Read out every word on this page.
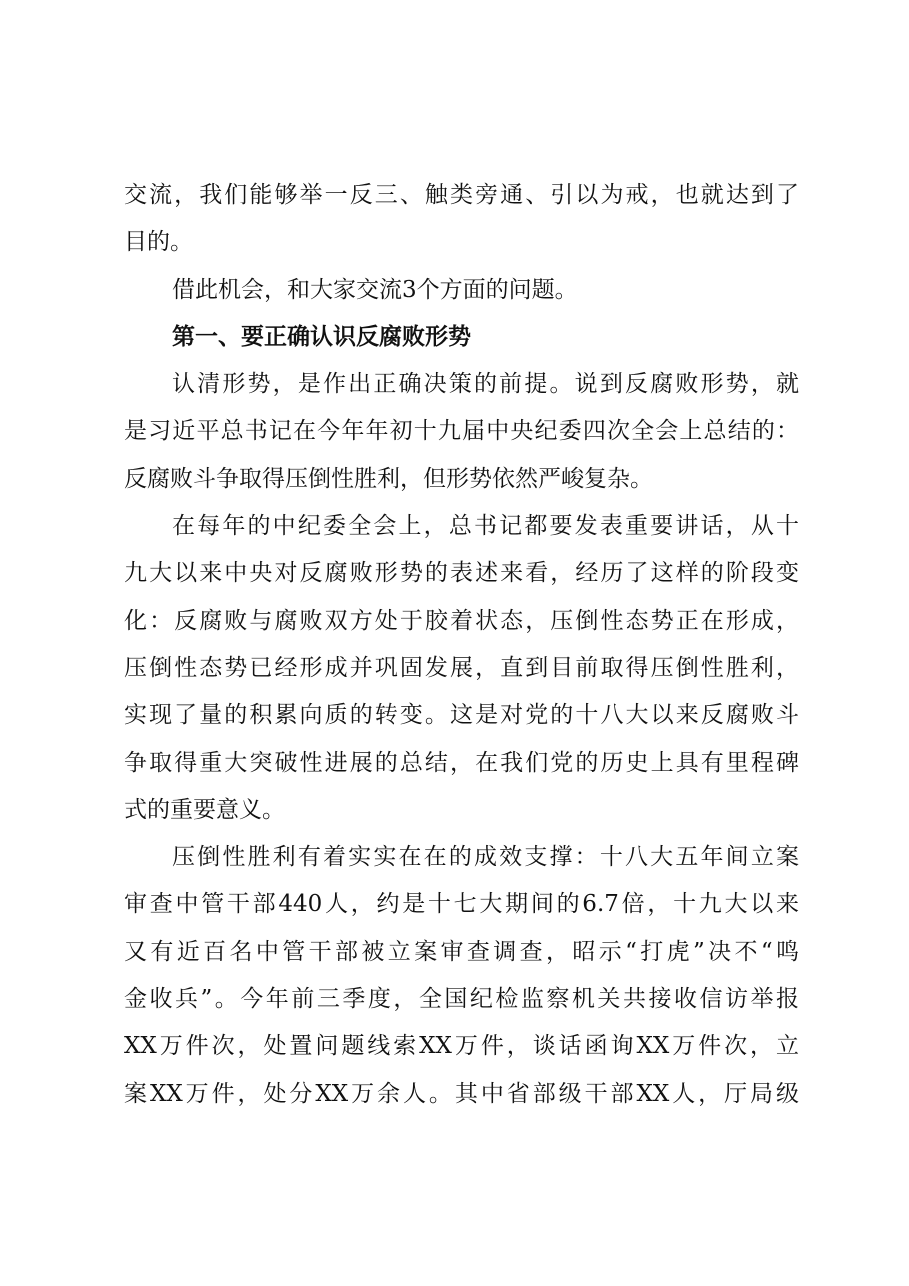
交流，我们能够举一反三、触类旁通、引以为戒，也就达到了
目的。
借此机会，和大家交流3个方面的问题。
第一、要正确认识反腐败形势
认清形势，是作出正确决策的前提。说到反腐败形势，就
是习近平总书记在今年年初十九届中央纪委四次全会上总结的：
反腐败斗争取得压倒性胜利，但形势依然严峻复杂。
在每年的中纪委全会上，总书记都要发表重要讲话，从十
九大以来中央对反腐败形势的表述来看，经历了这样的阶段变
化：反腐败与腐败双方处于胶着状态，压倒性态势正在形成，
压倒性态势已经形成并巩固发展，直到目前取得压倒性胜利，
实现了量的积累向质的转变。这是对党的十八大以来反腐败斗
争取得重大突破性进展的总结，在我们党的历史上具有里程碑
式的重要意义。
压倒性胜利有着实实在在的成效支撑：十八大五年间立案
审查中管干部440人，约是十七大期间的6.7倍，十九大以来
又有近百名中管干部被立案审查调查，昭示“打虎”决不“鸣
金收兵”。今年前三季度，全国纪检监察机关共接收信访举报
XX万件次，处置问题线索XX万件，谈话函询XX万件次，立
案XX万件，处分XX万余人。其中省部级干部XX人，厅局级
